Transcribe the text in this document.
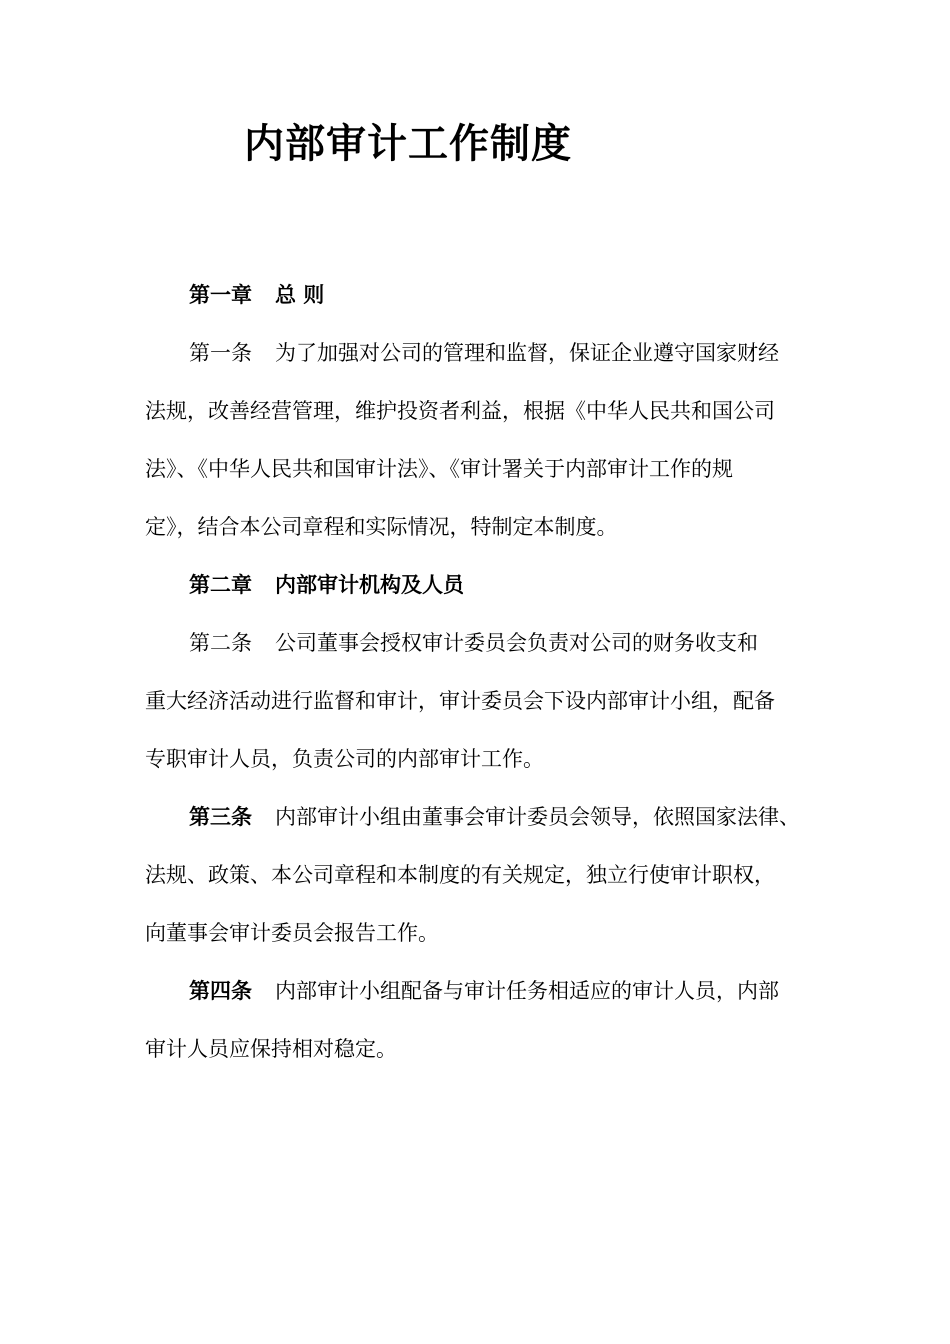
内部审计工作制度
第一章 总 则
第一条 为了加强对公司的管理和监督，保证企业遵守国家财经
法规，改善经营管理，维护投资者利益，根据《中华人民共和国公司
法》、《中华人民共和国审计法》、《审计署关于内部审计工作的规
定》，结合本公司章程和实际情况，特制定本制度。
第二章 内部审计机构及人员
第二条 公司董事会授权审计委员会负责对公司的财务收支和
重大经济活动进行监督和审计，审计委员会下设内部审计小组，配备
专职审计人员，负责公司的内部审计工作。
第三条 内部审计小组由董事会审计委员会领导，依照国家法律、
法规、政策、本公司章程和本制度的有关规定，独立行使审计职权，
向董事会审计委员会报告工作。
第四条 内部审计小组配备与审计任务相适应的审计人员，内部
审计人员应保持相对稳定。
